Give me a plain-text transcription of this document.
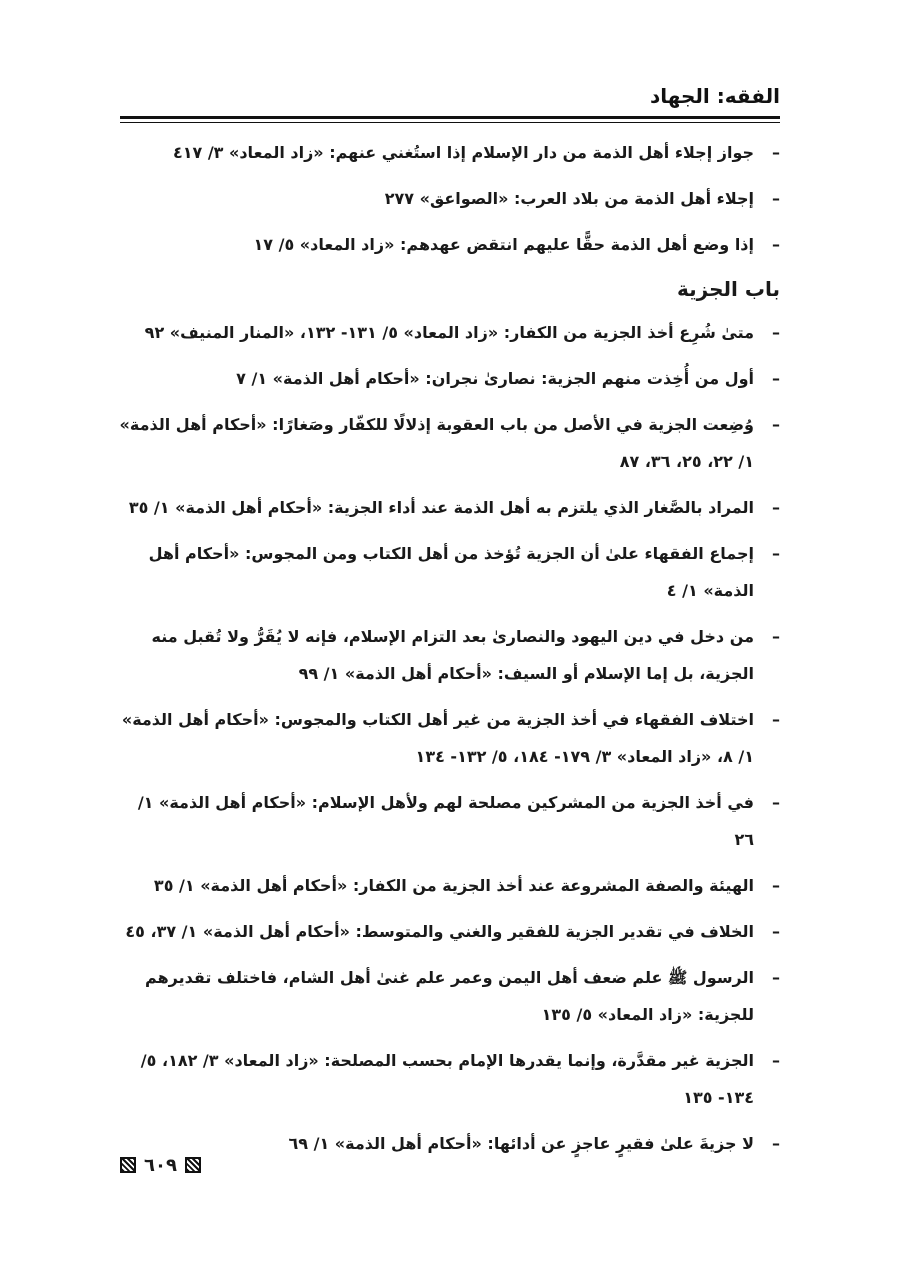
الفقه: الجهاد
–
جواز إجلاء أهل الذمة من دار الإسلام إذا استُغني عنهم: «زاد المعاد» ٣/ ٤١٧
–
إجلاء أهل الذمة من بلاد العرب: «الصواعق» ٢٧٧
–
إذا وضع أهل الذمة حقًّا عليهم انتقض عهدهم: «زاد المعاد» ٥/ ١٧
باب الجزية
–
متىٰ شُرِع أخذ الجزية من الكفار: «زاد المعاد» ٥/ ١٣١- ١٣٢، «المنار المنيف» ٩٢
–
أول من أُخِذت منهم الجزية: نصارىٰ نجران: «أحكام أهل الذمة» ١/ ٧
–
وُضِعت الجزية في الأصل من باب العقوبة إذلالًا للكفّار وصَغارًا: «أحكام أهل الذمة» ١/ ٢٢، ٢٥، ٣٦، ٨٧
–
المراد بالصَّغار الذي يلتزم به أهل الذمة عند أداء الجزية: «أحكام أهل الذمة» ١/ ٣٥
–
إجماع الفقهاء علىٰ أن الجزية تُؤخذ من أهل الكتاب ومن المجوس: «أحكام أهل الذمة» ١/ ٤
–
من دخل في دين اليهود والنصارىٰ بعد التزام الإسلام، فإنه لا يُقَرُّ ولا تُقبل منه الجزية، بل إما الإسلام أو السيف: «أحكام أهل الذمة» ١/ ٩٩
–
اختلاف الفقهاء في أخذ الجزية من غير أهل الكتاب والمجوس: «أحكام أهل الذمة» ١/ ٨، «زاد المعاد» ٣/ ١٧٩- ١٨٤، ٥/ ١٣٢- ١٣٤
–
في أخذ الجزية من المشركين مصلحة لهم ولأهل الإسلام: «أحكام أهل الذمة» ١/ ٢٦
–
الهيئة والصفة المشروعة عند أخذ الجزية من الكفار: «أحكام أهل الذمة» ١/ ٣٥
–
الخلاف في تقدير الجزية للفقير والغني والمتوسط: «أحكام أهل الذمة» ١/ ٣٧، ٤٥
–
الرسول ﷺ علم ضعف أهل اليمن وعمر علم غنىٰ أهل الشام، فاختلف تقديرهم للجزية: «زاد المعاد» ٥/ ١٣٥
–
الجزية غير مقدَّرة، وإنما يقدرها الإمام بحسب المصلحة: «زاد المعاد» ٣/ ١٨٢، ٥/ ١٣٤- ١٣٥
–
لا جزيةَ علىٰ فقيرٍ عاجزٍ عن أدائها: «أحكام أهل الذمة» ١/ ٦٩
٦٠٩
